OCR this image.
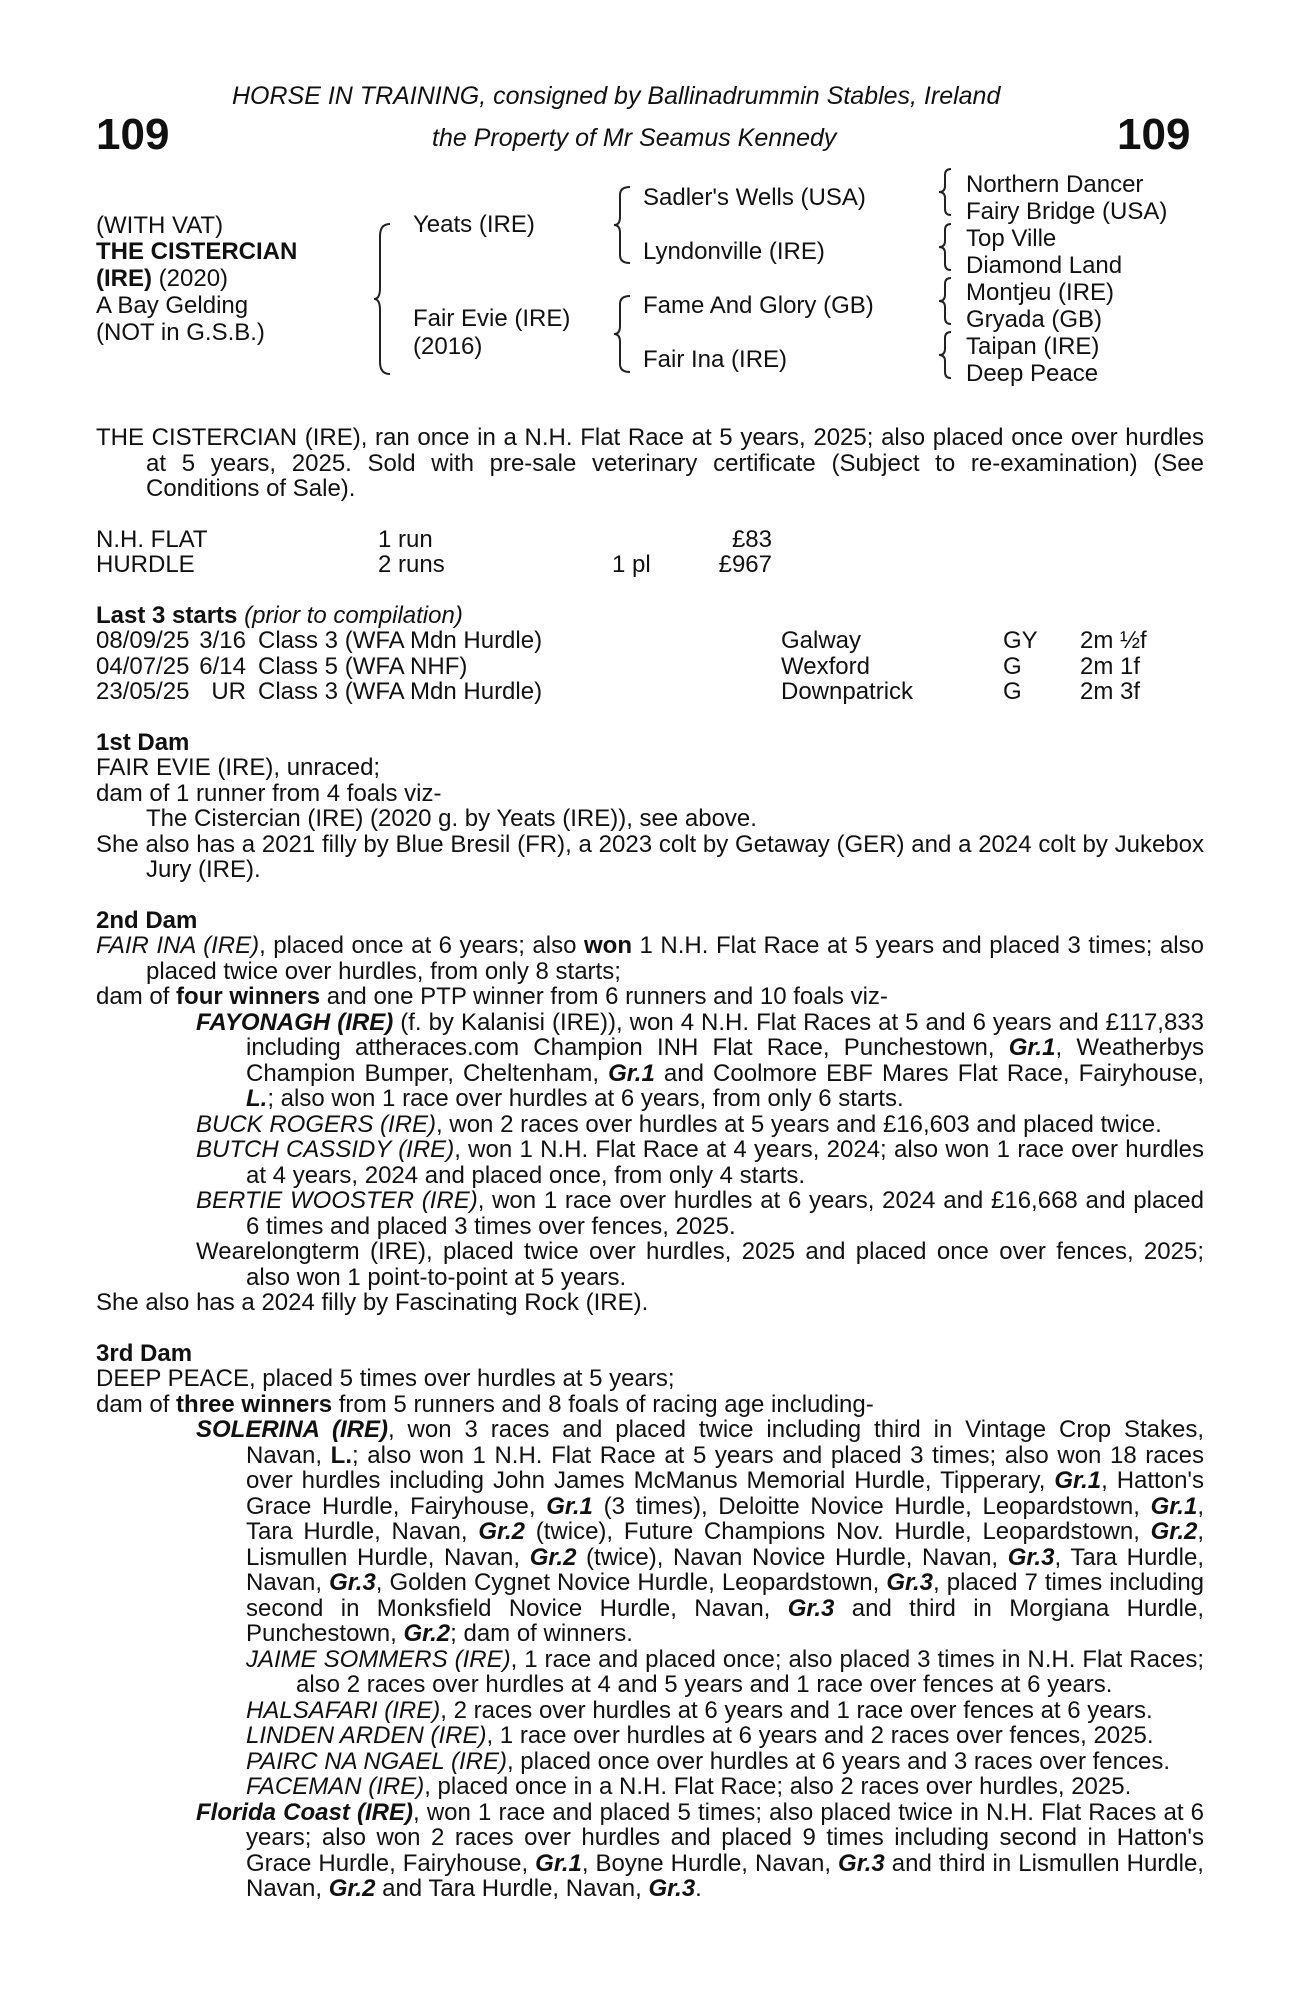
109	109
HORSE IN TRAINING, consigned by Ballinadrummin Stables, Ireland
the Property of Mr Seamus Kennedy
(WITH VAT)
THE CISTERCIAN
(IRE) (2020)
A Bay Gelding
(NOT in G.S.B.)
Yeats (IRE)
Fair Evie (IRE)
(2016)
Sadler's Wells (USA)
Lyndonville (IRE)
Fame And Glory (GB)
Fair Ina (IRE)
Northern Dancer
Fairy Bridge (USA)
Top Ville
Diamond Land
Montjeu (IRE)
Gryada (GB)
Taipan (IRE)
Deep Peace

THE CISTERCIAN (IRE), ran once in a N.H. Flat Race at 5 years, 2025; also placed once over hurdles at 5 years, 2025. Sold with pre-sale veterinary certificate (Subject to re-examination) (See Conditions of Sale).

N.H. FLAT	1 run		£83
HURDLE	2 runs	1 pl	£967

Last 3 starts (prior to compilation)

08/09/25	3/16	Class 3 (WFA Mdn Hurdle)	Galway	GY	2m ½f
04/07/25	6/14	Class 5 (WFA NHF)	Wexford	G	2m 1f
23/05/25	UR	Class 3 (WFA Mdn Hurdle)	Downpatrick	G	2m 3f

1st Dam

FAIR EVIE (IRE), unraced;

dam of 1 runner from 4 foals viz-

The Cistercian (IRE) (2020 g. by Yeats (IRE)), see above.

She also has a 2021 filly by Blue Bresil (FR), a 2023 colt by Getaway (GER) and a 2024 colt by Jukebox Jury (IRE).

2nd Dam

FAIR INA (IRE), placed once at 6 years; also won 1 N.H. Flat Race at 5 years and placed 3 times; also placed twice over hurdles, from only 8 starts;

dam of four winners and one PTP winner from 6 runners and 10 foals viz-

FAYONAGH (IRE) (f. by Kalanisi (IRE)), won 4 N.H. Flat Races at 5 and 6 years and £117,833 including attheraces.com Champion INH Flat Race, Punchestown, Gr.1, Weatherbys Champion Bumper, Cheltenham, Gr.1 and Coolmore EBF Mares Flat Race, Fairyhouse, L.; also won 1 race over hurdles at 6 years, from only 6 starts.

BUCK ROGERS (IRE), won 2 races over hurdles at 5 years and £16,603 and placed twice.

BUTCH CASSIDY (IRE), won 1 N.H. Flat Race at 4 years, 2024; also won 1 race over hurdles at 4 years, 2024 and placed once, from only 4 starts.

BERTIE WOOSTER (IRE), won 1 race over hurdles at 6 years, 2024 and £16,668 and placed 6 times and placed 3 times over fences, 2025.

Wearelongterm (IRE), placed twice over hurdles, 2025 and placed once over fences, 2025; also won 1 point-to-point at 5 years.

She also has a 2024 filly by Fascinating Rock (IRE).

3rd Dam

DEEP PEACE, placed 5 times over hurdles at 5 years;

dam of three winners from 5 runners and 8 foals of racing age including-

SOLERINA (IRE), won 3 races and placed twice including third in Vintage Crop Stakes, Navan, L.; also won 1 N.H. Flat Race at 5 years and placed 3 times; also won 18 races over hurdles including John James McManus Memorial Hurdle, Tipperary, Gr.1, Hatton's Grace Hurdle, Fairyhouse, Gr.1 (3 times), Deloitte Novice Hurdle, Leopardstown, Gr.1, Tara Hurdle, Navan, Gr.2 (twice), Future Champions Nov. Hurdle, Leopardstown, Gr.2, Lismullen Hurdle, Navan, Gr.2 (twice), Navan Novice Hurdle, Navan, Gr.3, Tara Hurdle, Navan, Gr.3, Golden Cygnet Novice Hurdle, Leopardstown, Gr.3, placed 7 times including second in Monksfield Novice Hurdle, Navan, Gr.3 and third in Morgiana Hurdle, Punchestown, Gr.2; dam of winners.

JAIME SOMMERS (IRE), 1 race and placed once; also placed 3 times in N.H. Flat Races; also 2 races over hurdles at 4 and 5 years and 1 race over fences at 6 years.

HALSAFARI (IRE), 2 races over hurdles at 6 years and 1 race over fences at 6 years.

LINDEN ARDEN (IRE), 1 race over hurdles at 6 years and 2 races over fences, 2025.

PAIRC NA NGAEL (IRE), placed once over hurdles at 6 years and 3 races over fences.

FACEMAN (IRE), placed once in a N.H. Flat Race; also 2 races over hurdles, 2025.

Florida Coast (IRE), won 1 race and placed 5 times; also placed twice in N.H. Flat Races at 6 years; also won 2 races over hurdles and placed 9 times including second in Hatton's Grace Hurdle, Fairyhouse, Gr.1, Boyne Hurdle, Navan, Gr.3 and third in Lismullen Hurdle, Navan, Gr.2 and Tara Hurdle, Navan, Gr.3.
